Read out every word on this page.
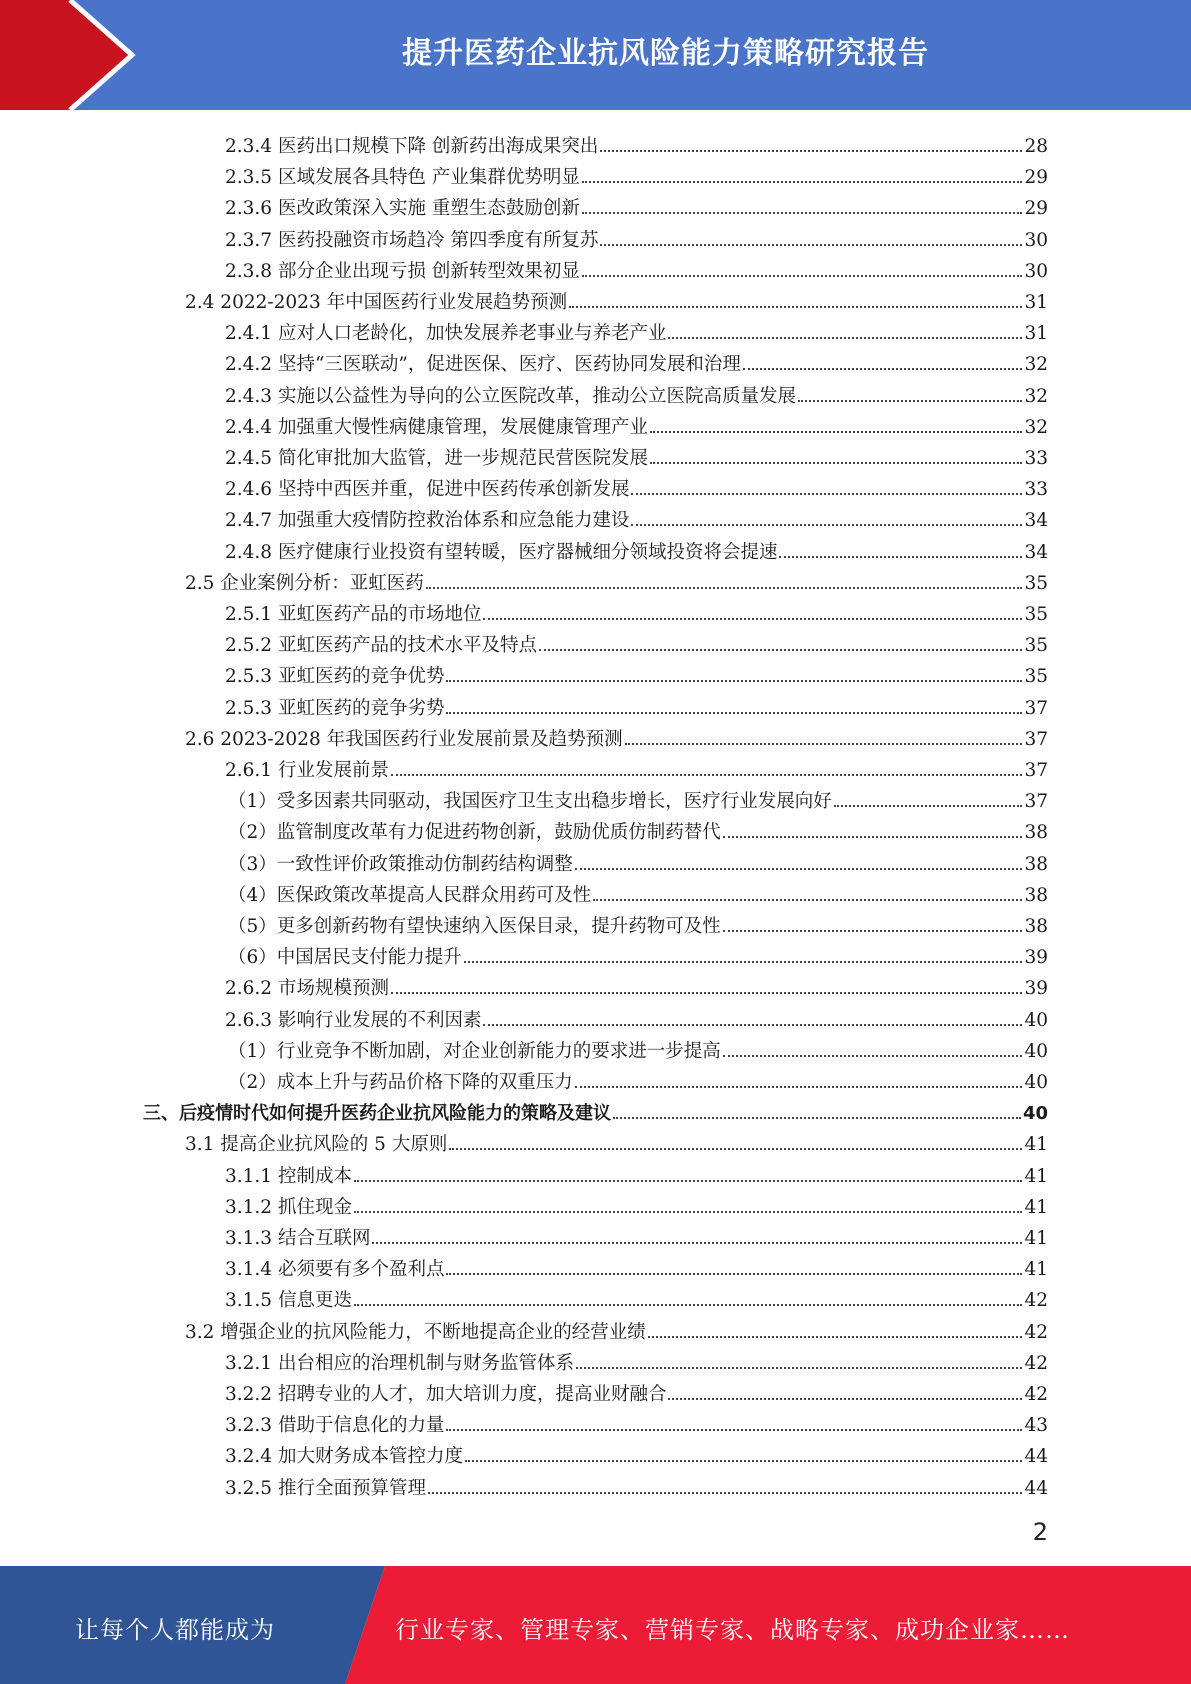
提升医药企业抗风险能力策略研究报告
2.3.4 医药出口规模下降 创新药出海成果突出	28
2.3.5 区域发展各具特色 产业集群优势明显	29
2.3.6 医改政策深入实施 重塑生态鼓励创新	29
2.3.7 医药投融资市场趋冷 第四季度有所复苏	30
2.3.8 部分企业出现亏损 创新转型效果初显	30
2.4 2022-2023 年中国医药行业发展趋势预测	31
2.4.1 应对人口老龄化，加快发展养老事业与养老产业	31
2.4.2 坚持“三医联动”，促进医保、医疗、医药协同发展和治理	32
2.4.3 实施以公益性为导向的公立医院改革，推动公立医院高质量发展	32
2.4.4 加强重大慢性病健康管理，发展健康管理产业	32
2.4.5 简化审批加大监管，进一步规范民营医院发展	33
2.4.6 坚持中西医并重，促进中医药传承创新发展	33
2.4.7 加强重大疫情防控救治体系和应急能力建设	34
2.4.8 医疗健康行业投资有望转暖，医疗器械细分领域投资将会提速	34
2.5 企业案例分析：亚虹医药	35
2.5.1 亚虹医药产品的市场地位	35
2.5.2 亚虹医药产品的技术水平及特点	35
2.5.3 亚虹医药的竞争优势	35
2.5.3 亚虹医药的竞争劣势	37
2.6 2023-2028 年我国医药行业发展前景及趋势预测	37
2.6.1 行业发展前景	37
（1）受多因素共同驱动，我国医疗卫生支出稳步增长，医疗行业发展向好	37
（2）监管制度改革有力促进药物创新，鼓励优质仿制药替代	38
（3）一致性评价政策推动仿制药结构调整	38
（4）医保政策改革提高人民群众用药可及性	38
（5）更多创新药物有望快速纳入医保目录，提升药物可及性	38
（6）中国居民支付能力提升	39
2.6.2 市场规模预测	39
2.6.3 影响行业发展的不利因素	40
（1）行业竞争不断加剧，对企业创新能力的要求进一步提高	40
（2）成本上升与药品价格下降的双重压力	40
三、后疫情时代如何提升医药企业抗风险能力的策略及建议	40
3.1 提高企业抗风险的 5 大原则	41
3.1.1 控制成本	41
3.1.2 抓住现金	41
3.1.3 结合互联网	41
3.1.4 必须要有多个盈利点	41
3.1.5 信息更迭	42
3.2 增强企业的抗风险能力，不断地提高企业的经营业绩	42
3.2.1 出台相应的治理机制与财务监管体系	42
3.2.2 招聘专业的人才，加大培训力度，提高业财融合	42
3.2.3 借助于信息化的力量	43
3.2.4 加大财务成本管控力度	44
3.2.5 推行全面预算管理	44
2
让每个人都能成为	行业专家、管理专家、营销专家、战略专家、成功企业家……
